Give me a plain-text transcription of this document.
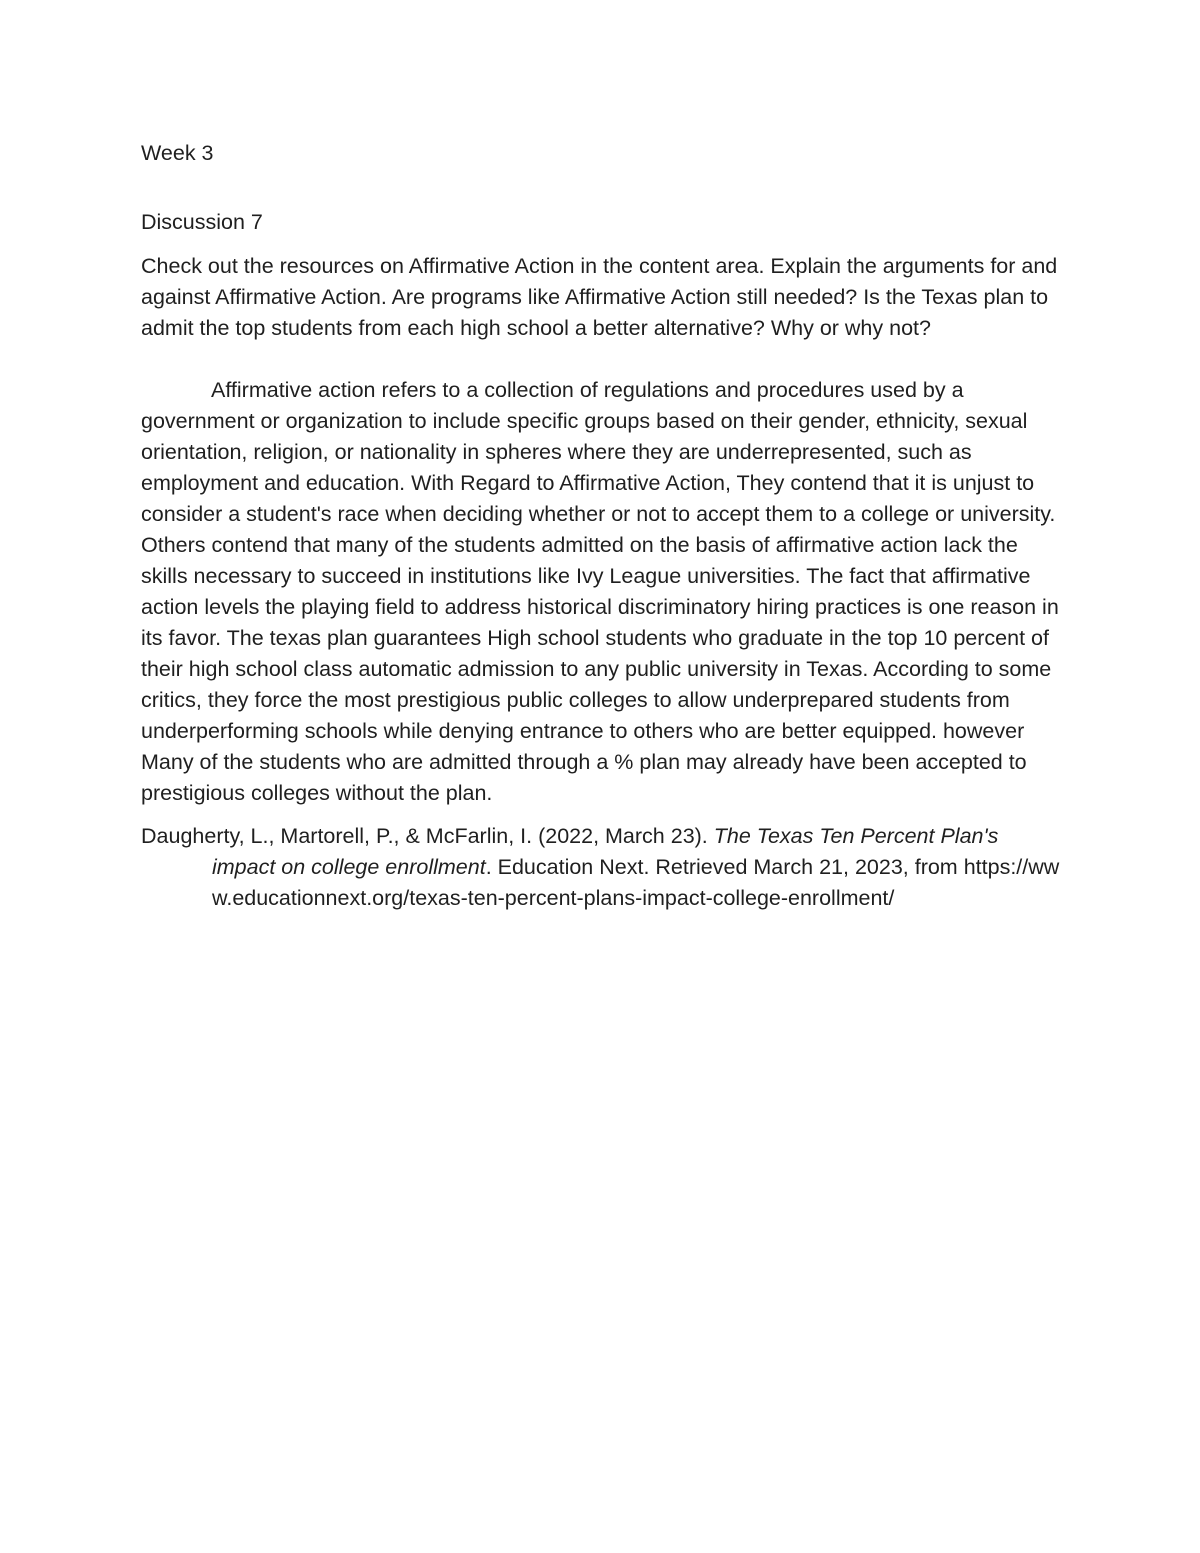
Week 3

Discussion 7

Check out the resources on Affirmative Action in the content area. Explain the arguments for and against Affirmative Action. Are programs like Affirmative Action still needed? Is the Texas plan to admit the top students from each high school a better alternative? Why or why not?

Affirmative action refers to a collection of regulations and procedures used by a government or organization to include specific groups based on their gender, ethnicity, sexual orientation, religion, or nationality in spheres where they are underrepresented, such as employment and education. With Regard to Affirmative Action, They contend that it is unjust to consider a student's race when deciding whether or not to accept them to a college or university. Others contend that many of the students admitted on the basis of affirmative action lack the skills necessary to succeed in institutions like Ivy League universities. The fact that affirmative action levels the playing field to address historical discriminatory hiring practices is one reason in its favor. The texas plan guarantees High school students who graduate in the top 10 percent of their high school class automatic admission to any public university in Texas. According to some critics, they force the most prestigious public colleges to allow underprepared students from underperforming schools while denying entrance to others who are better equipped. however Many of the students who are admitted through a % plan may already have been accepted to prestigious colleges without the plan.

Daugherty, L., Martorell, P., & McFarlin, I. (2022, March 23). The Texas Ten Percent Plan's impact on college enrollment. Education Next. Retrieved March 21, 2023, from https://www.educationnext.org/texas-ten-percent-plans-impact-college-enrollment/
